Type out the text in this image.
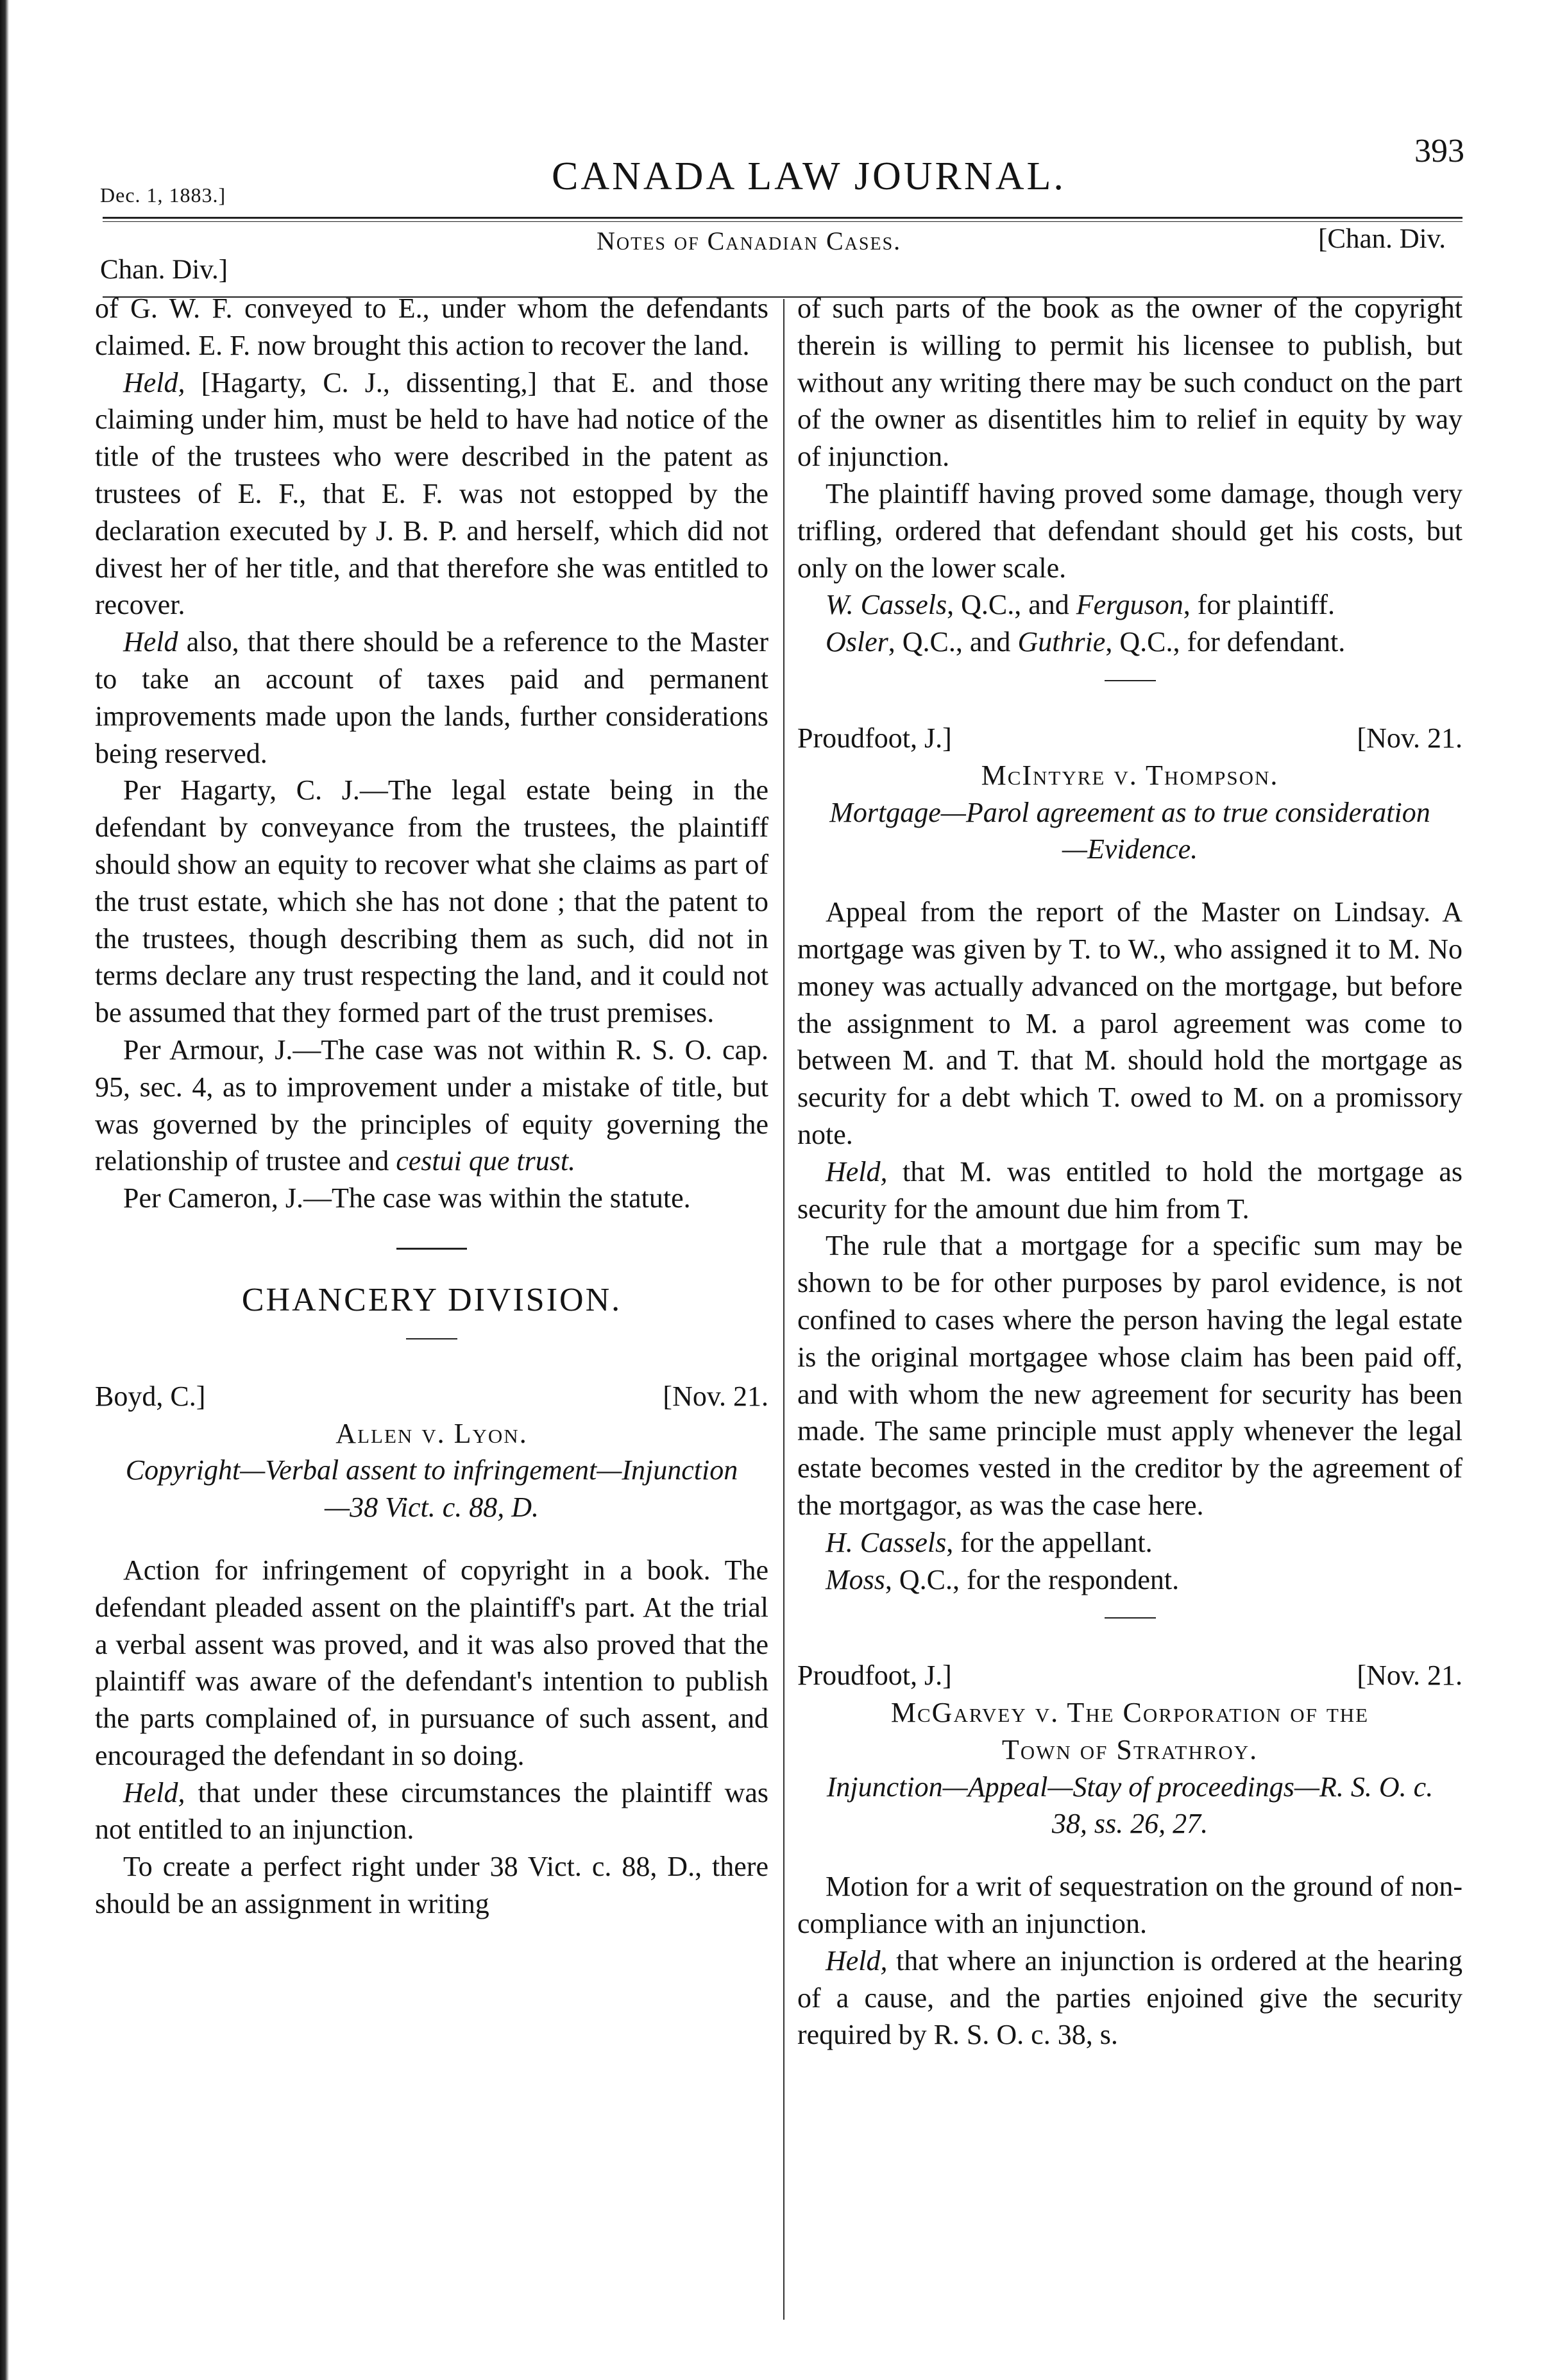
Dec. 1, 1883.]	CANADA LAW JOURNAL.
393
Chan. Div.]
Notes of Canadian Cases.	[Chan. Div.

of G. W. F. conveyed to E., under whom the defendants claimed. E. F. now brought this action to recover the land.

Held, [Hagarty, C. J., dissenting,] that E. and those claiming under him, must be held to have had notice of the title of the trustees who were described in the patent as trustees of E. F., that E. F. was not estopped by the declaration executed by J. B. P. and herself, which did not divest her of her title, and that therefore she was entitled to recover.

Held also, that there should be a reference to the Master to take an account of taxes paid and permanent improvements made upon the lands, further considerations being reserved.

Per Hagarty, C. J.—The legal estate being in the defendant by conveyance from the trustees, the plaintiff should show an equity to recover what she claims as part of the trust estate, which she has not done ; that the patent to the trustees, though describing them as such, did not in terms declare any trust respecting the land, and it could not be assumed that they formed part of the trust premises.

Per Armour, J.—The case was not within R. S. O. cap. 95, sec. 4, as to improvement under a mistake of title, but was governed by the principles of equity governing the relationship of trustee and cestui que trust.

Per Cameron, J.—The case was within the statute.

CHANCERY DIVISION.

Boyd, C.]	[Nov. 21.

Allen v. Lyon.

Copyright—Verbal assent to infringement—Injunction—38 Vict. c. 88, D.

Action for infringement of copyright in a book. The defendant pleaded assent on the plaintiff's part. At the trial a verbal assent was proved, and it was also proved that the plaintiff was aware of the defendant's intention to publish the parts complained of, in pursuance of such assent, and encouraged the defendant in so doing.

Held, that under these circumstances the plaintiff was not entitled to an injunction.

To create a perfect right under 38 Vict. c. 88, D., there should be an assignment in writing

of such parts of the book as the owner of the copyright therein is willing to permit his licensee to publish, but without any writing there may be such conduct on the part of the owner as disentitles him to relief in equity by way of injunction.

The plaintiff having proved some damage, though very trifling, ordered that defendant should get his costs, but only on the lower scale.

W. Cassels, Q.C., and Ferguson, for plaintiff.

Osler, Q.C., and Guthrie, Q.C., for defendant.

Proudfoot, J.]	[Nov. 21.

McIntyre v. Thompson.

Mortgage—Parol agreement as to true consideration—Evidence.

Appeal from the report of the Master on Lindsay. A mortgage was given by T. to W., who assigned it to M. No money was actually advanced on the mortgage, but before the assignment to M. a parol agreement was come to between M. and T. that M. should hold the mortgage as security for a debt which T. owed to M. on a promissory note.

Held, that M. was entitled to hold the mortgage as security for the amount due him from T.

The rule that a mortgage for a specific sum may be shown to be for other purposes by parol evidence, is not confined to cases where the person having the legal estate is the original mortgagee whose claim has been paid off, and with whom the new agreement for security has been made. The same principle must apply whenever the legal estate becomes vested in the creditor by the agreement of the mortgagor, as was the case here.

H. Cassels, for the appellant.

Moss, Q.C., for the respondent.

Proudfoot, J.]	[Nov. 21.

McGarvey v. The Corporation of the

Town of Strathroy.

Injunction—Appeal—Stay of proceedings—R. S. O. c. 38, ss. 26, 27.

Motion for a writ of sequestration on the ground of non-compliance with an injunction.

Held, that where an injunction is ordered at the hearing of a cause, and the parties enjoined give the security required by R. S. O. c. 38, s.
